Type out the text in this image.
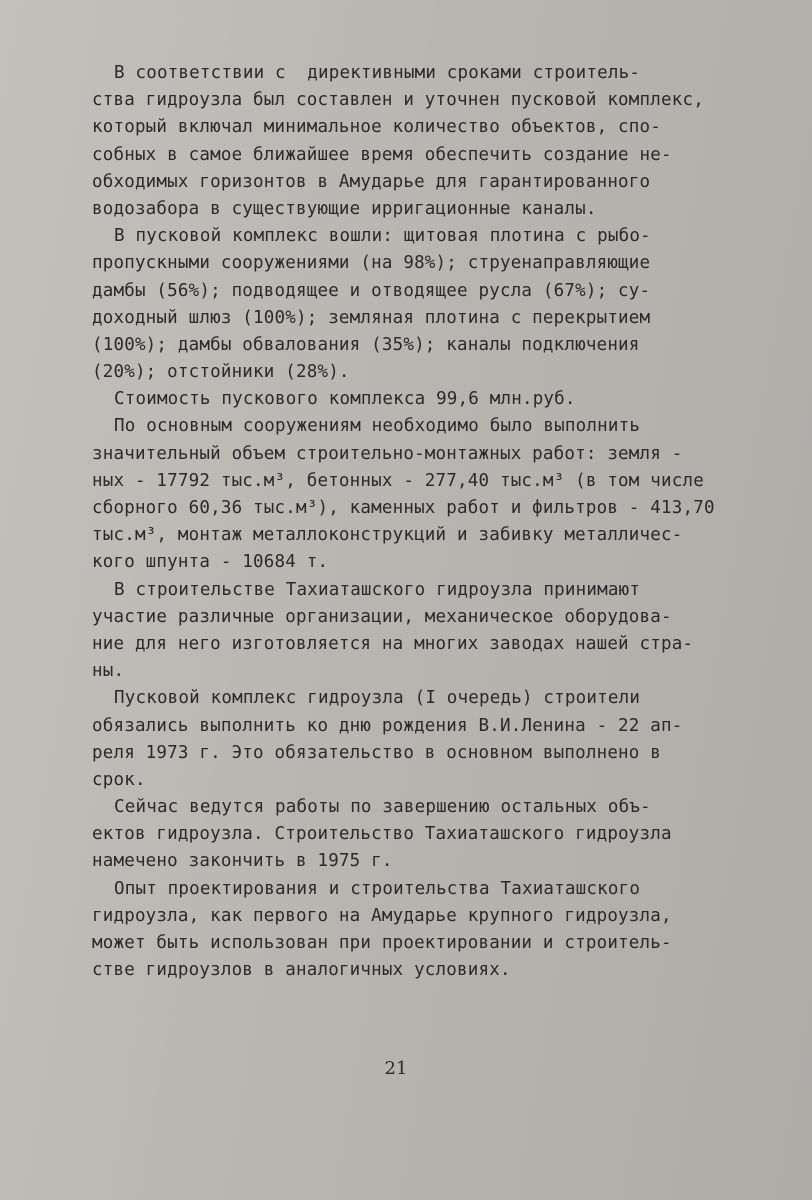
В соответствии с  директивными сроками строитель-
ства гидроузла был составлен и уточнен пусковой комплекс,
который включал минимальное количество объектов, спо-
собных в самое ближайшее время обеспечить создание не-
обходимых горизонтов в Амударье для гарантированного
водозабора в существующие ирригационные каналы.
В пусковой комплекс вошли: щитовая плотина с рыбо-
пропускными сооружениями (на 98%); струенаправляющие
дамбы (56%); подводящее и отводящее русла (67%); су-
доходный шлюз (100%); земляная плотина с перекрытием
(100%); дамбы обвалования (35%); каналы подключения
(20%); отстойники (28%).
Стоимость пускового комплекса 99,6 млн.руб.
По основным сооружениям необходимо было выполнить
значительный объем строительно-монтажных работ: земля -
ных - 17792 тыс.м³, бетонных - 277,40 тыс.м³ (в том числе
сборного 60,36 тыс.м³), каменных работ и фильтров - 413,70
тыс.м³, монтаж металлоконструкций и забивку металличес-
кого шпунта - 10684 т.
В строительстве Тахиаташского гидроузла принимают
участие различные организации, механическое оборудова-
ние для него изготовляется на многих заводах нашей стра-
ны.
Пусковой комплекс гидроузла (I очередь) строители
обязались выполнить ко дню рождения В.И.Ленина - 22 ап-
реля 1973 г. Это обязательство в основном выполнено в
срок.
Сейчас ведутся работы по завершению остальных объ-
ектов гидроузла. Строительство Тахиаташского гидроузла
намечено закончить в 1975 г.
Опыт проектирования и строительства Тахиаташского
гидроузла, как первого на Амударье крупного гидроузла,
может быть использован при проектировании и строитель-
стве гидроузлов в аналогичных условиях.
21
